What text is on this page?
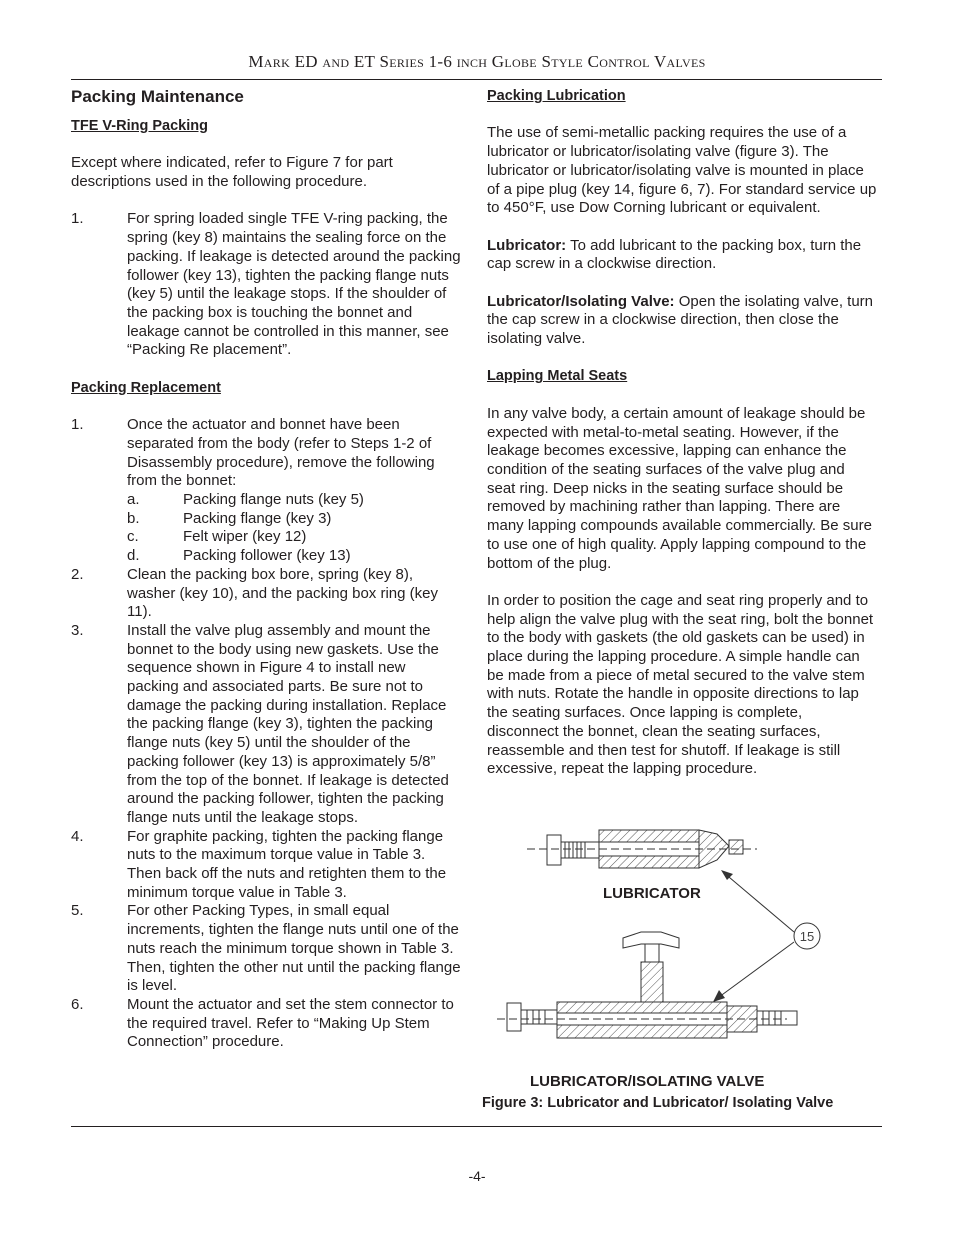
Mark ED and ET Series 1-6 inch Globe Style Control Valves
Packing Maintenance
TFE V-Ring Packing

Except where indicated, refer to Figure 7 for part descriptions used in the following procedure.

1.	For spring loaded single TFE V-ring packing, the spring (key 8) maintains the sealing force on the packing. If leakage is detected around the packing follower (key 13), tighten the packing flange nuts (key 5) until the leakage stops. If the shoulder of the packing box is touching the bonnet and leakage cannot be controlled in this manner, see “Packing Re placement”.
Packing Replacement
1.	Once the actuator and bonnet have been separated from the body (refer to Steps 1-2 of Disassembly procedure), remove the following from the bonnet:
a.	Packing flange nuts (key 5)
b.	Packing flange (key 3)
c.	Felt wiper (key 12)
d.	Packing follower (key 13)
2.	Clean the packing box bore, spring (key 8), washer (key 10), and the packing box ring (key 11).
3.	Install the valve plug assembly and mount the bonnet to the body using new gaskets. Use the sequence shown in Figure 4 to install new packing and associated parts. Be sure not to damage the packing during installation. Replace the packing flange (key 3), tighten the packing flange nuts (key 5) until the shoulder of the packing follower (key 13) is approximately 5/8” from the top of the bonnet. If leakage is detected around the packing follower, tighten the packing flange nuts until the leakage stops.
4.	For graphite packing, tighten the packing flange nuts to the maximum torque value in Table 3. Then back off the nuts and retighten them to the minimum torque value in Table 3.
5.	For other Packing Types, in small equal increments, tighten the flange nuts until one of the nuts reach the minimum torque shown in Table 3. Then, tighten the other nut until the packing flange is level.
6.	Mount the actuator and set the stem connector to the required travel. Refer to “Making Up Stem Connection” procedure.
Packing Lubrication

The use of semi-metallic packing requires the use of a lubricator or lubricator/isolating valve (figure 3). The lubricator or lubricator/isolating valve is mounted in place of a pipe plug (key 14, figure 6, 7). For standard service up to 450°F, use Dow Corning lubricant or equivalent.

Lubricator: To add lubricant to the packing box, turn the cap screw in a clockwise direction.

Lubricator/Isolating Valve: Open the isolating valve, turn the cap screw in a clockwise direction, then close the isolating valve.

Lapping Metal Seats

In any valve body, a certain amount of leakage should be expected with metal-to-metal seating. However, if the leakage becomes excessive, lapping can enhance the condition of the seating surfaces of the valve plug and seat ring. Deep nicks in the seating surface should be removed by machining rather than lapping. There are many lapping compounds available commercially. Be sure to use one of high quality. Apply lapping compound to the bottom of the plug.

In order to position the cage and seat ring properly and to help align the valve plug with the seat ring, bolt the bonnet to the body with gaskets (the old gaskets can be used) in place during the lapping procedure. A simple handle can be made from a piece of metal secured to the valve stem with nuts. Rotate the handle in opposite directions to lap the seating surfaces. Once lapping is complete, disconnect the bonnet, clean the seating surfaces, reassemble and then test for shutoff. If leakage is still excessive, repeat the lapping procedure.

15
LUBRICATOR
LUBRICATOR/ISOLATING VALVE
Figure 3: Lubricator and Lubricator/ Isolating Valve
-4-
